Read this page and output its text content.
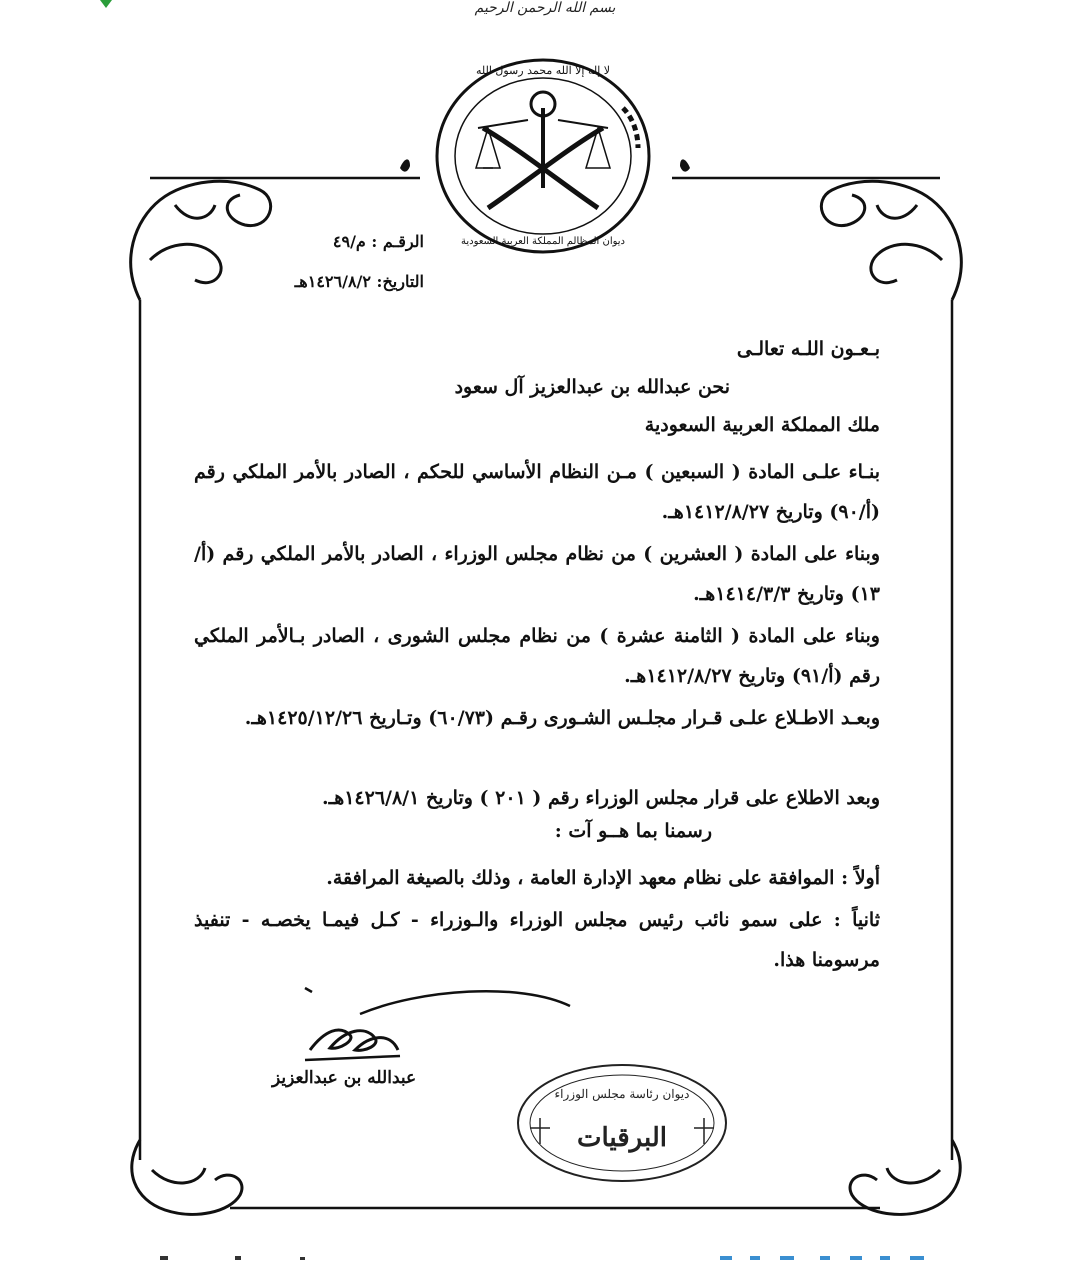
بسم الله الرحمن الرحيم
لا إله إلا الله محمد رسول الله
ديوان المظالم المملكة العربية السعودية
الرقـم : م/٤٩
التاريخ: ١٤٢٦/٨/٢هـ
بـعـون اللـه تعالـى
نحن عبدالله بن عبدالعزيز آل سعود
ملك المملكة العربية السعودية
بنـاء علـى المادة ( السبعين ) مـن النظام الأساسي للحكم ، الصادر بالأمر الملكي رقم (أ/٩٠) وتاريخ ١٤١٢/٨/٢٧هـ.
وبناء على المادة ( العشرين ) من نظام مجلس الوزراء ، الصادر بالأمر الملكي رقم (أ/١٣) وتاريخ ١٤١٤/٣/٣هـ.
وبناء على المادة ( الثامنة عشرة ) من نظام مجلس الشورى ، الصادر بـالأمر الملكي رقم (أ/٩١) وتاريخ ١٤١٢/٨/٢٧هـ.
وبعـد الاطـلاع علـى قـرار مجلـس الشـورى رقـم (٦٠/٧٣) وتـاريخ ١٤٢٥/١٢/٢٦هـ.
وبعد الاطلاع على قرار مجلس الوزراء رقم ( ٢٠١ ) وتاريخ ١٤٢٦/٨/١هـ.
رسمنا بما هــو آت :
أولاً : الموافقة على نظام معهد الإدارة العامة ، وذلك بالصيغة المرافقة.
ثانياً : على سمو نائب رئيس مجلس الوزراء والـوزراء - كـل فيمـا يخصـه - تنفيذ مرسومنا هذا.
عبدالله بن عبدالعزيز
ديوان رئاسة مجلس الوزراء
البرقيات
